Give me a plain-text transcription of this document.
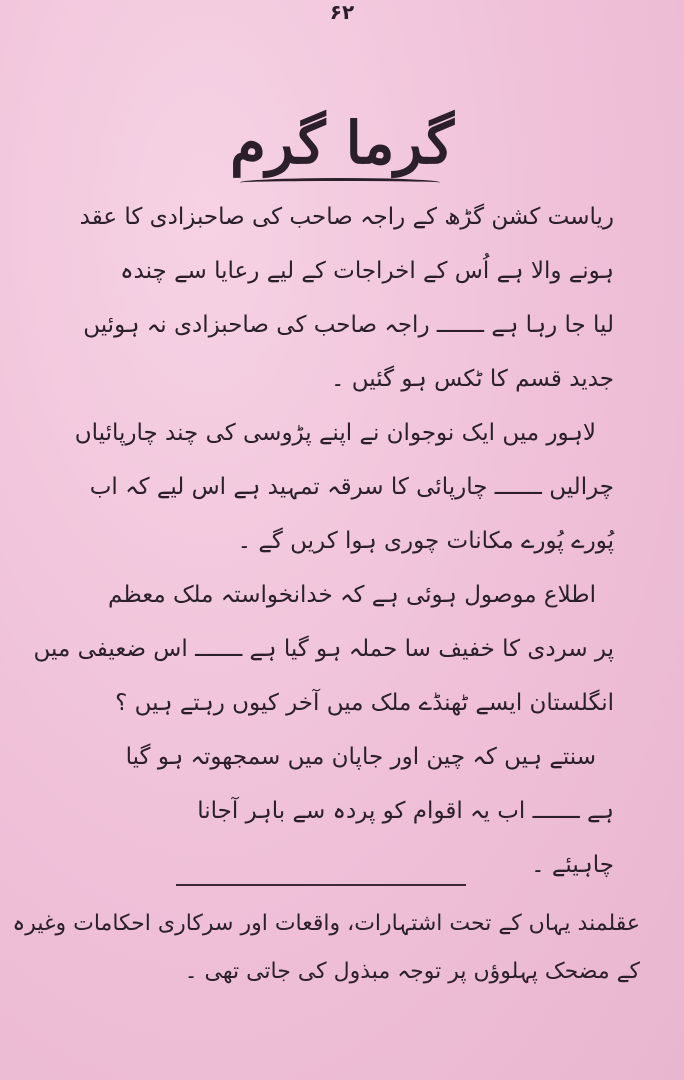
۶۲
گرما گرم

ریاست کشن گڑھ کے راجہ صاحب کی صاحبزادی کا عقد
ہونے والا ہے اُس کے اخراجات کے لیے رعایا سے چندہ
لیا جا رہا ہے ـــــــ راجہ صاحب کی صاحبزادی نہ ہوئیں
جدید قسم کا ٹکس ہو گئیں ۔

لاہور میں ایک نوجوان نے اپنے پڑوسی کی چند چارپائیاں
چرالیں ـــــــ چارپائی کا سرقہ تمہید ہے اس لیے کہ اب
پُورے پُورے مکانات چوری ہوا کریں گے ۔

اطلاع موصول ہوئی ہے کہ خدانخواستہ ملک معظم
پر سردی کا خفیف سا حملہ ہو گیا ہے ـــــــ اس ضعیفی میں
انگلستان ایسے ٹھنڈے ملک میں آخر کیوں رہتے ہیں ؟

سنتے ہیں کہ چین اور جاپان میں سمجھوتہ ہو گیا
ہے ـــــــ اب یہ اقوام کو پردہ سے باہر آجانا
چاہیئے ۔

عقلمند یہاں کے تحت اشتہارات، واقعات اور سرکاری احکامات وغیرہ
کے مضحک پہلوؤں پر توجہ مبذول کی جاتی تھی ۔
